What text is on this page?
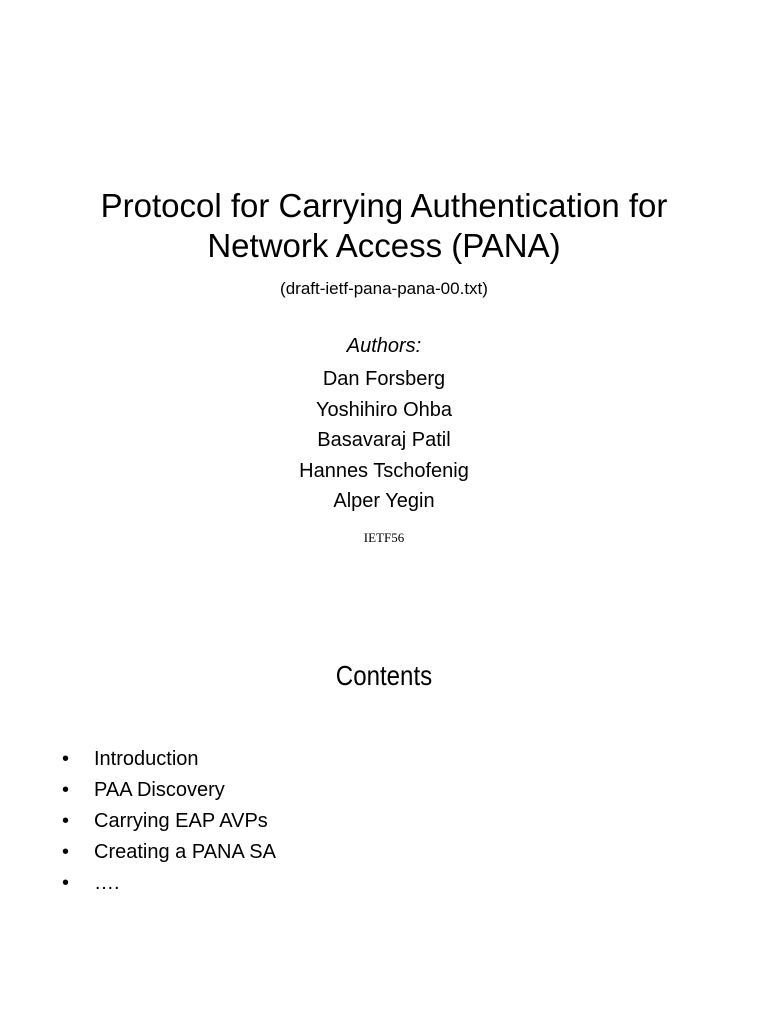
Protocol for Carrying Authentication for
Network Access (PANA)
(draft-ietf-pana-pana-00.txt)
Authors:
Dan Forsberg
Yoshihiro Ohba
Basavaraj Patil
Hannes Tschofenig
Alper Yegin
IETF56
Contents
• Introduction
• PAA Discovery
• Carrying EAP AVPs
• Creating a PANA SA
• ….
